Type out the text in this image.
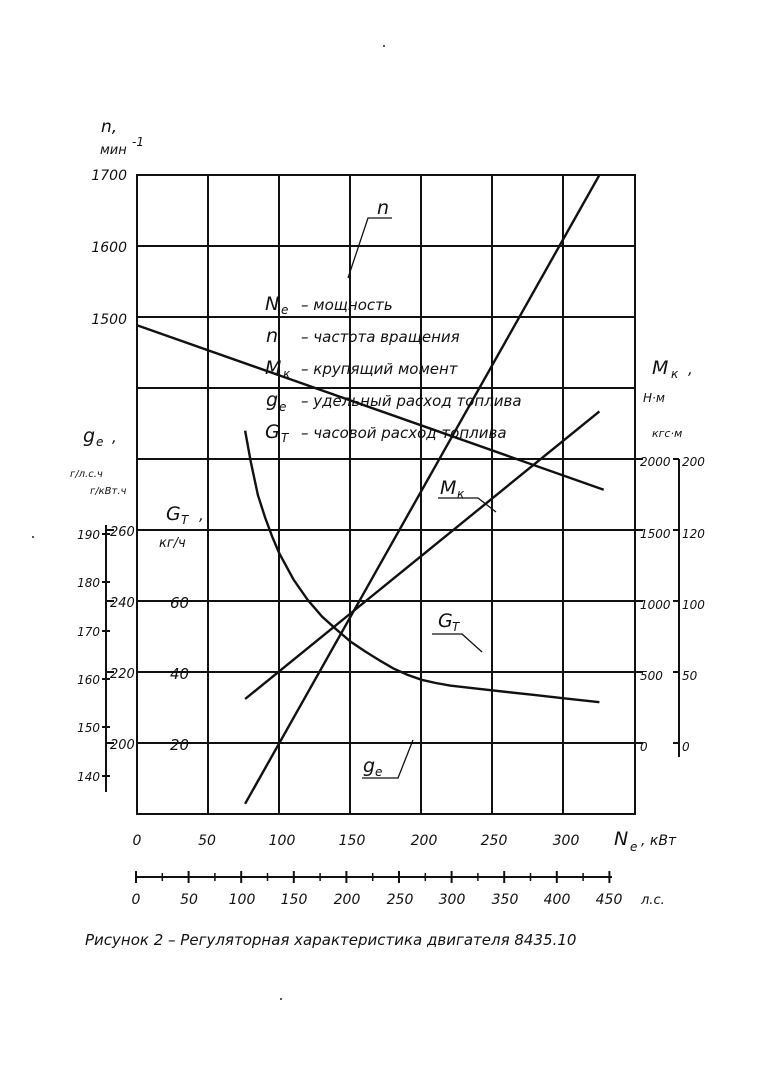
n,
мин
-1
1700
1600
1500
N e – мощность
n – частота вращения
M к – крупящий момент
g e – удельный расход топлива
G T – часовой расход топлива
g e ,
г/л.с.ч
г/кВт.ч
190
180
170
160
150
140
260
240
220
200
G T ,
кг/ч
60
40
20
M к ,
Н·м
кгс·м
2000
1500
1000
500
0
200
120
100
50
0
n
M к
G T
g e
0	50	100	150	200	250	300 N e , кВт
0	50 100 150 200 250 300 350 400 450 л.с.
Рисунок 2 – Регуляторная характеристика двигателя 8435.10
